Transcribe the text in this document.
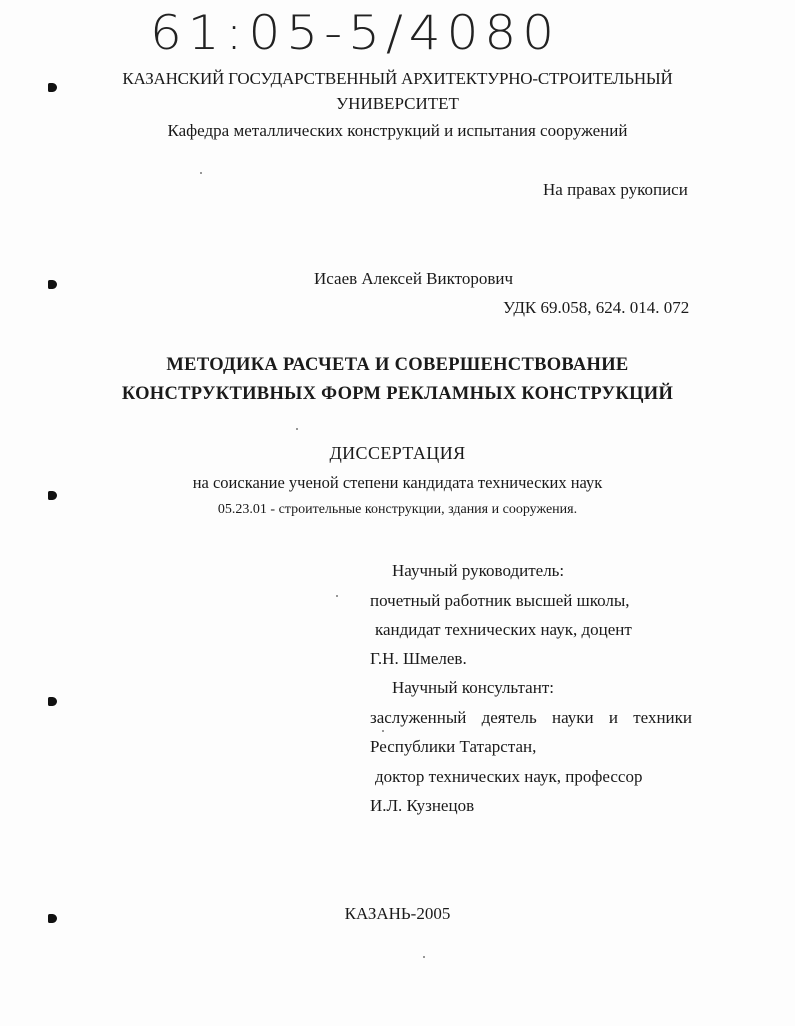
61:05-5/4080
КАЗАНСКИЙ ГОСУДАРСТВЕННЫЙ АРХИТЕКТУРНО-СТРОИТЕЛЬНЫЙ
УНИВЕРСИТЕТ
Кафедра металлических конструкций и испытания сооружений
На правах рукописи
Исаев Алексей Викторович
УДК 69.058, 624. 014. 072
МЕТОДИКА РАСЧЕТА И СОВЕРШЕНСТВОВАНИЕ
КОНСТРУКТИВНЫХ ФОРМ РЕКЛАМНЫХ КОНСТРУКЦИЙ
ДИССЕРТАЦИЯ
на соискание ученой степени кандидата технических наук
05.23.01 - строительные конструкции, здания и сооружения.
Научный руководитель:
почетный работник высшей школы,
кандидат технических наук, доцент
Г.Н. Шмелев.
Научный консультант:
заслуженный деятель науки и техники
Республики Татарстан,
доктор технических наук, профессор
И.Л. Кузнецов
КАЗАНЬ-2005
